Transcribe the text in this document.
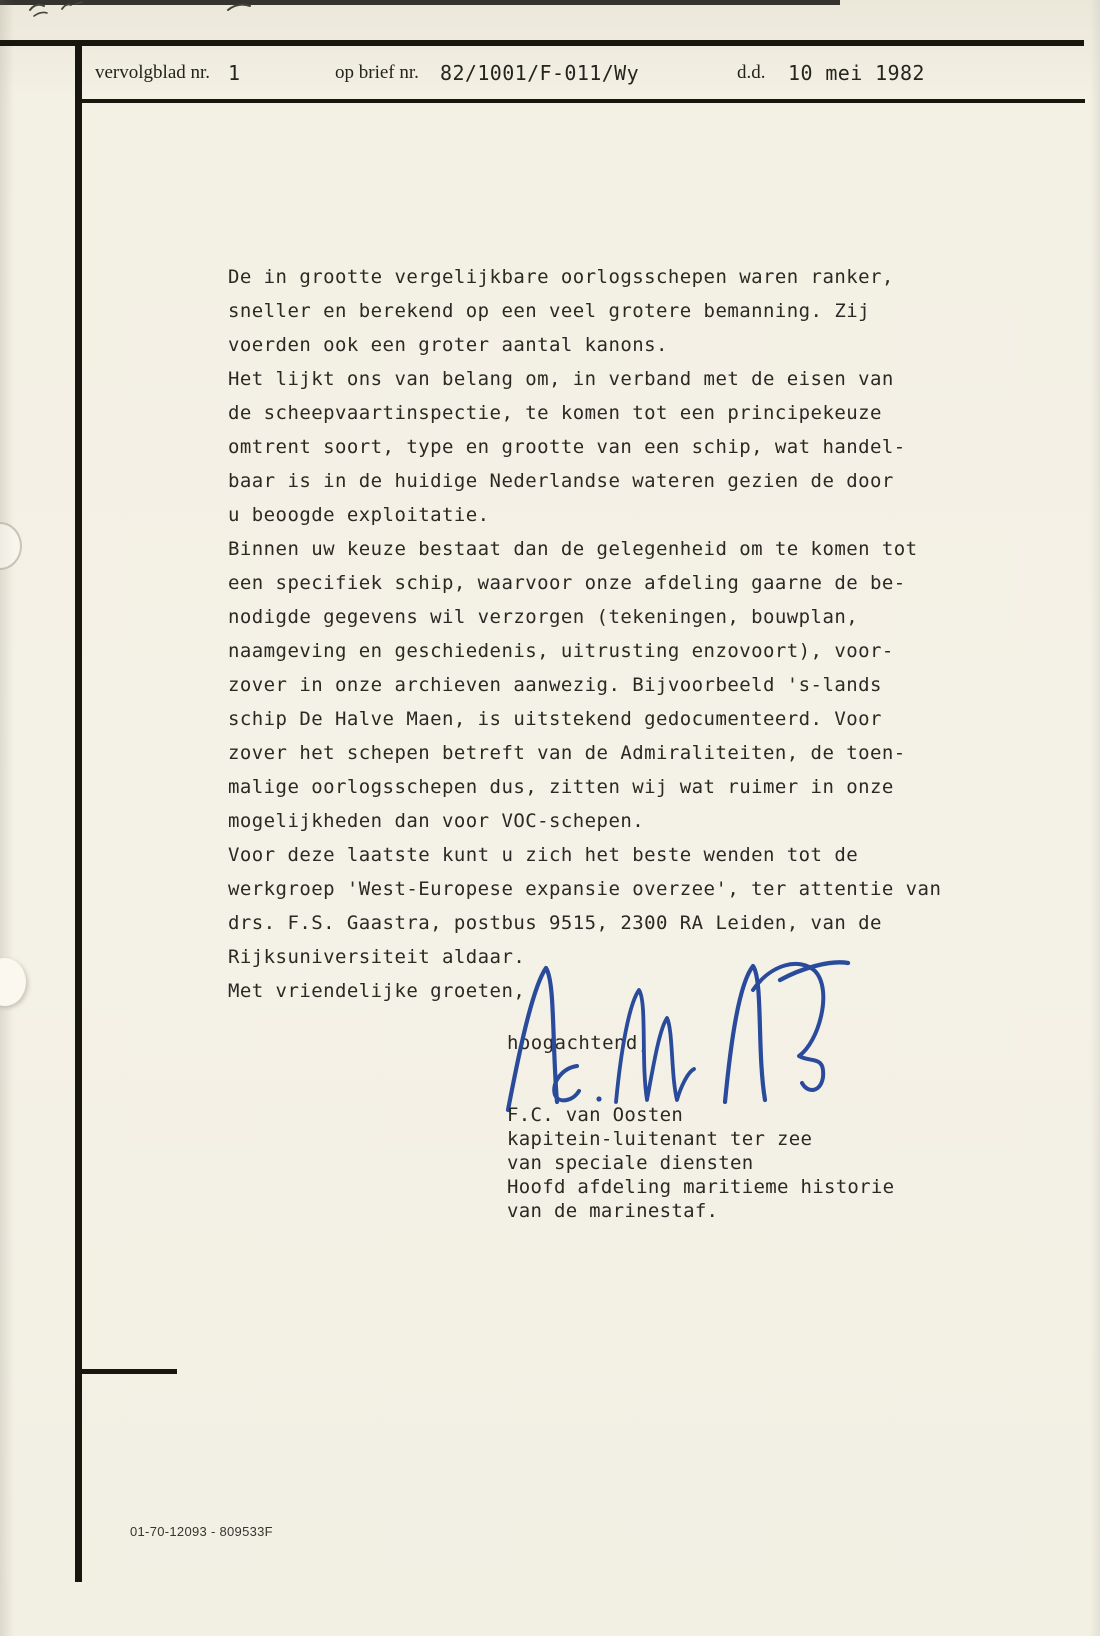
vervolgblad nr. 1	op brief nr. 82/1001/F-011/Wy	d.d. 10 mei 1982
De in grootte vergelijkbare oorlogsschepen waren ranker,
sneller en berekend op een veel grotere bemanning. Zij
voerden ook een groter aantal kanons.
Het lijkt ons van belang om, in verband met de eisen van
de scheepvaartinspectie, te komen tot een principekeuze
omtrent soort, type en grootte van een schip, wat handel-
baar is in de huidige Nederlandse wateren gezien de door
u beoogde exploitatie.
Binnen uw keuze bestaat dan de gelegenheid om te komen tot
een specifiek schip, waarvoor onze afdeling gaarne de be-
nodigde gegevens wil verzorgen (tekeningen, bouwplan,
naamgeving en geschiedenis, uitrusting enzovoort), voor-
zover in onze archieven aanwezig. Bijvoorbeeld 's-lands
schip De Halve Maen, is uitstekend gedocumenteerd. Voor
zover het schepen betreft van de Admiraliteiten, de toen-
malige oorlogsschepen dus, zitten wij wat ruimer in onze
mogelijkheden dan voor VOC-schepen.
Voor deze laatste kunt u zich het beste wenden tot de
werkgroep 'West-Europese expansie overzee', ter attentie van
drs. F.S. Gaastra, postbus 9515, 2300 RA Leiden, van de
Rijksuniversiteit aldaar.
Met vriendelijke groeten,
hoogachtend,
F.C. van Oosten
kapitein-luitenant ter zee
van speciale diensten
Hoofd afdeling maritieme historie
van de marinestaf.
01-70-12093 - 809533F
